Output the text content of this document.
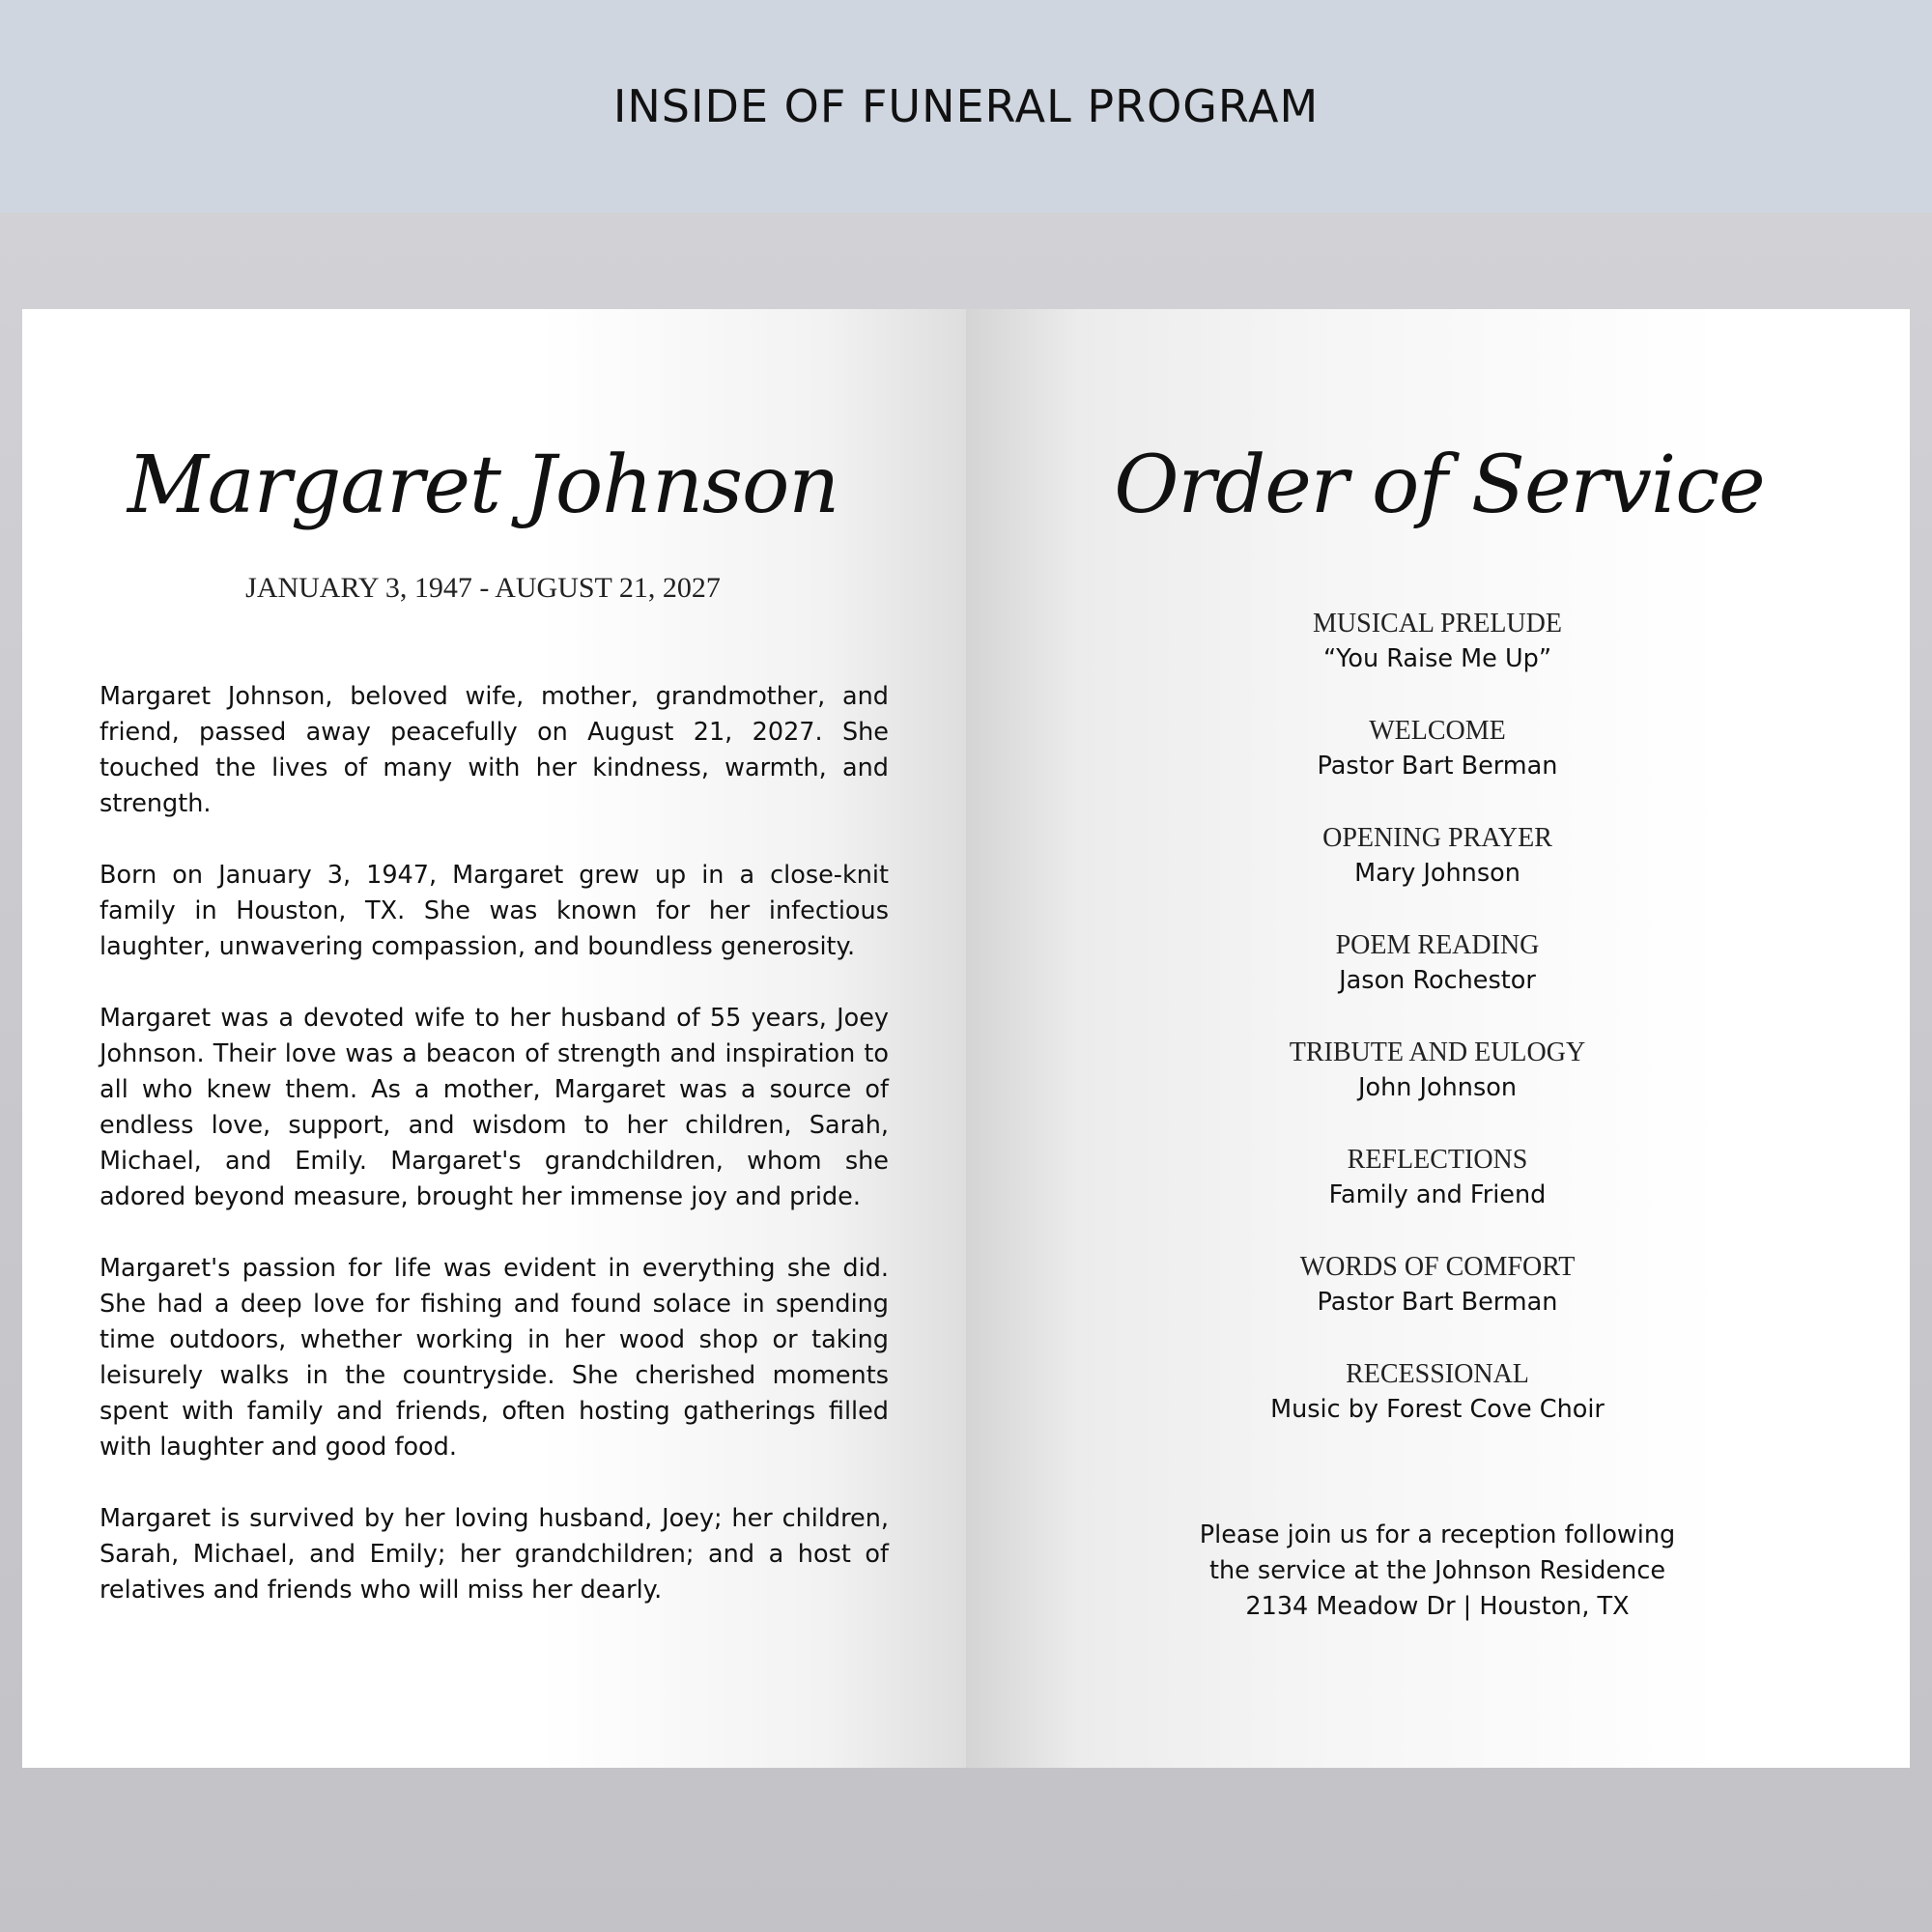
INSIDE OF FUNERAL PROGRAM
Margaret Johnson
JANUARY 3, 1947 - AUGUST 21, 2027

Margaret Johnson, beloved wife, mother, grandmother, and friend, passed away peacefully on August 21, 2027. She touched the lives of many with her kindness, warmth, and strength.

Born on January 3, 1947, Margaret grew up in a close-knit family in Houston, TX. She was known for her infectious laughter, unwavering compassion, and boundless generosity.

Margaret was a devoted wife to her husband of 55 years, Joey Johnson. Their love was a beacon of strength and inspiration to all who knew them. As a mother, Margaret was a source of endless love, support, and wisdom to her children, Sarah, Michael, and Emily. Margaret's grandchildren, whom she adored beyond measure, brought her immense joy and pride.

Margaret's passion for life was evident in everything she did. She had a deep love for fishing and found solace in spending time outdoors, whether working in her wood shop or taking leisurely walks in the countryside. She cherished moments spent with family and friends, often hosting gatherings filled with laughter and good food.

Margaret is survived by her loving husband, Joey; her children, Sarah, Michael, and Emily; her grandchildren; and a host of relatives and friends who will miss her dearly.

Order of Service
MUSICAL PRELUDE
“You Raise Me Up”
WELCOME
Pastor Bart Berman
OPENING PRAYER
Mary Johnson
POEM READING
Jason Rochestor
TRIBUTE AND EULOGY
John Johnson
REFLECTIONS
Family and Friend
WORDS OF COMFORT
Pastor Bart Berman
RECESSIONAL
Music by Forest Cove Choir
Please join us for a reception following
the service at the Johnson Residence
2134 Meadow Dr | Houston, TX
